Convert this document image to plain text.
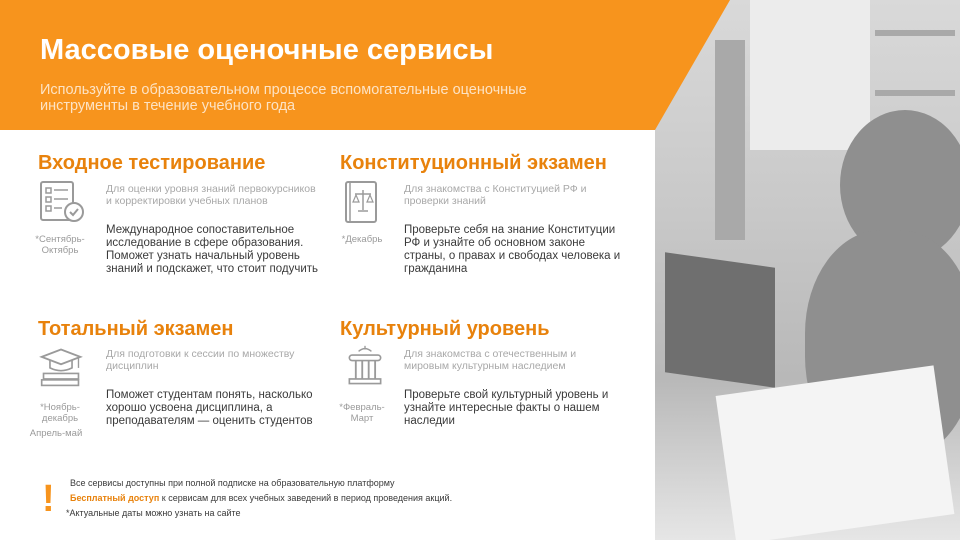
Массовые оценочные сервисы
Используйте в образовательном процессе вспомогательные оценочные инструменты в течение учебного года
Входное тестирование
*Сентябрь-Октябрь
Для оценки уровня знаний первокурсников и корректировки учебных планов
Международное сопоставительное исследование в сфере образования. Поможет узнать начальный уровень знаний и подскажет, что стоит подучить
Конституционный экзамен
*Декабрь
Для знакомства с Конституцией РФ и проверки знаний
Проверьте себя на знание Конституции РФ и узнайте об основном законе страны, о правах и свободах человека и гражданина
Тотальный экзамен
*Ноябрь-декабрь
Апрель-май
Для подготовки к сессии по множеству дисциплин
Поможет студентам понять, насколько хорошо усвоена дисциплина, а преподавателям — оценить студентов
Культурный уровень
*Февраль-Март
Для знакомства с отечественным и мировым культурным наследием
Проверьте свой культурный уровень и узнайте интересные факты о нашем наследии
! Все сервисы доступны при полной подписке на образовательную платформу
Бесплатный доступ к сервисам для всех учебных заведений в период проведения акций.
*Актуальные даты можно узнать на сайте
